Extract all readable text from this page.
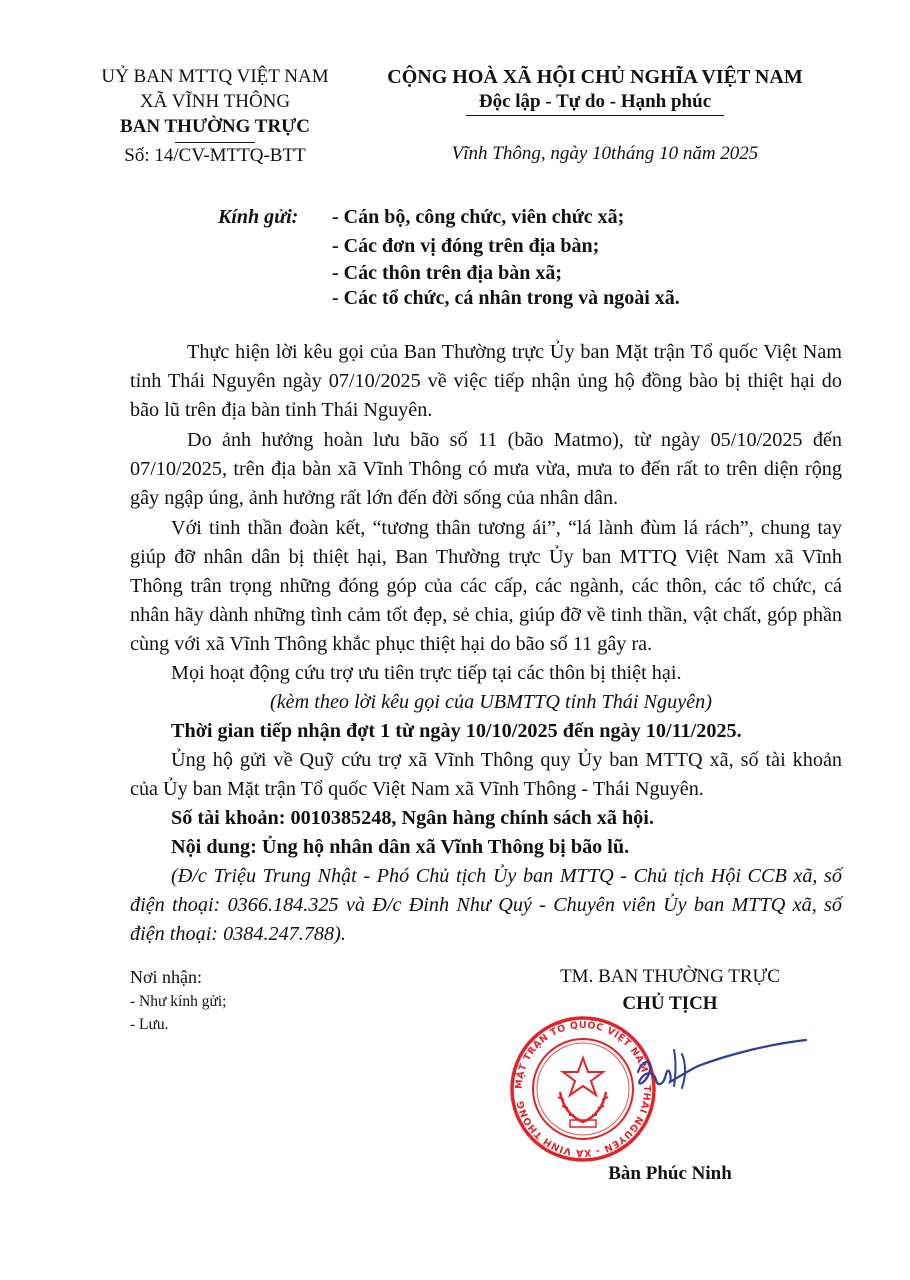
UỶ BAN MTTQ VIỆT NAM
XÃ VĨNH THÔNG
BAN THƯỜNG TRỰC
Số: 14/CV-MTTQ-BTT
CỘNG HOÀ XÃ HỘI CHỦ NGHĨA VIỆT NAM
Độc lập - Tự do - Hạnh phúc
Vĩnh Thông, ngày 10tháng 10 năm 2025
Kính gửi: - Cán bộ, công chức, viên chức xã;
- Các đơn vị đóng trên địa bàn;
- Các thôn trên địa bàn xã;
- Các tổ chức, cá nhân trong và ngoài xã.
Thực hiện lời kêu gọi của Ban Thường trực Ủy ban Mặt trận Tổ quốc Việt Nam tỉnh Thái Nguyên ngày 07/10/2025 về việc tiếp nhận ủng hộ đồng bào bị thiệt hại do bão lũ trên địa bàn tỉnh Thái Nguyên.
Do ảnh hưởng hoàn lưu bão số 11 (bão Matmo), từ ngày 05/10/2025 đến 07/10/2025, trên địa bàn xã Vĩnh Thông có mưa vừa, mưa to đến rất to trên diện rộng gây ngập úng, ảnh hưởng rất lớn đến đời sống của nhân dân.
Với tinh thần đoàn kết, “tương thân tương ái”, “lá lành đùm lá rách”, chung tay giúp đỡ nhân dân bị thiệt hại, Ban Thường trực Ủy ban MTTQ Việt Nam xã Vĩnh Thông trân trọng những đóng góp của các cấp, các ngành, các thôn, các tổ chức, cá nhân hãy dành những tình cảm tốt đẹp, sẻ chia, giúp đỡ về tinh thần, vật chất, góp phần cùng với xã Vĩnh Thông khắc phục thiệt hại do bão số 11 gây ra.
Mọi hoạt động cứu trợ ưu tiên trực tiếp tại các thôn bị thiệt hại.
(kèm theo lời kêu gọi của UBMTTQ tỉnh Thái Nguyên)
Thời gian tiếp nhận đợt 1 từ ngày 10/10/2025 đến ngày 10/11/2025.
Ủng hộ gửi về Quỹ cứu trợ xã Vĩnh Thông quy Ủy ban MTTQ xã, số tài khoản của Ủy ban Mặt trận Tổ quốc Việt Nam xã Vĩnh Thông - Thái Nguyên.
Số tài khoản: 0010385248, Ngân hàng chính sách xã hội.
Nội dung: Ủng hộ nhân dân xã Vĩnh Thông bị bão lũ.
(Đ/c Triệu Trung Nhật - Phó Chủ tịch Ủy ban MTTQ - Chủ tịch Hội CCB xã, số điện thoại: 0366.184.325 và Đ/c Đinh Như Quý - Chuyên viên Ủy ban MTTQ xã, số điện thoại: 0384.247.788).
Nơi nhận:
- Như kính gửi;
- Lưu.
TM. BAN THƯỜNG TRỰC
CHỦ TỊCH
MẶT TRẬN TỔ QUỐC VIỆT NAM - THÁI NGUYÊN - XÃ VĨNH THÔNG
Bàn Phúc Ninh
